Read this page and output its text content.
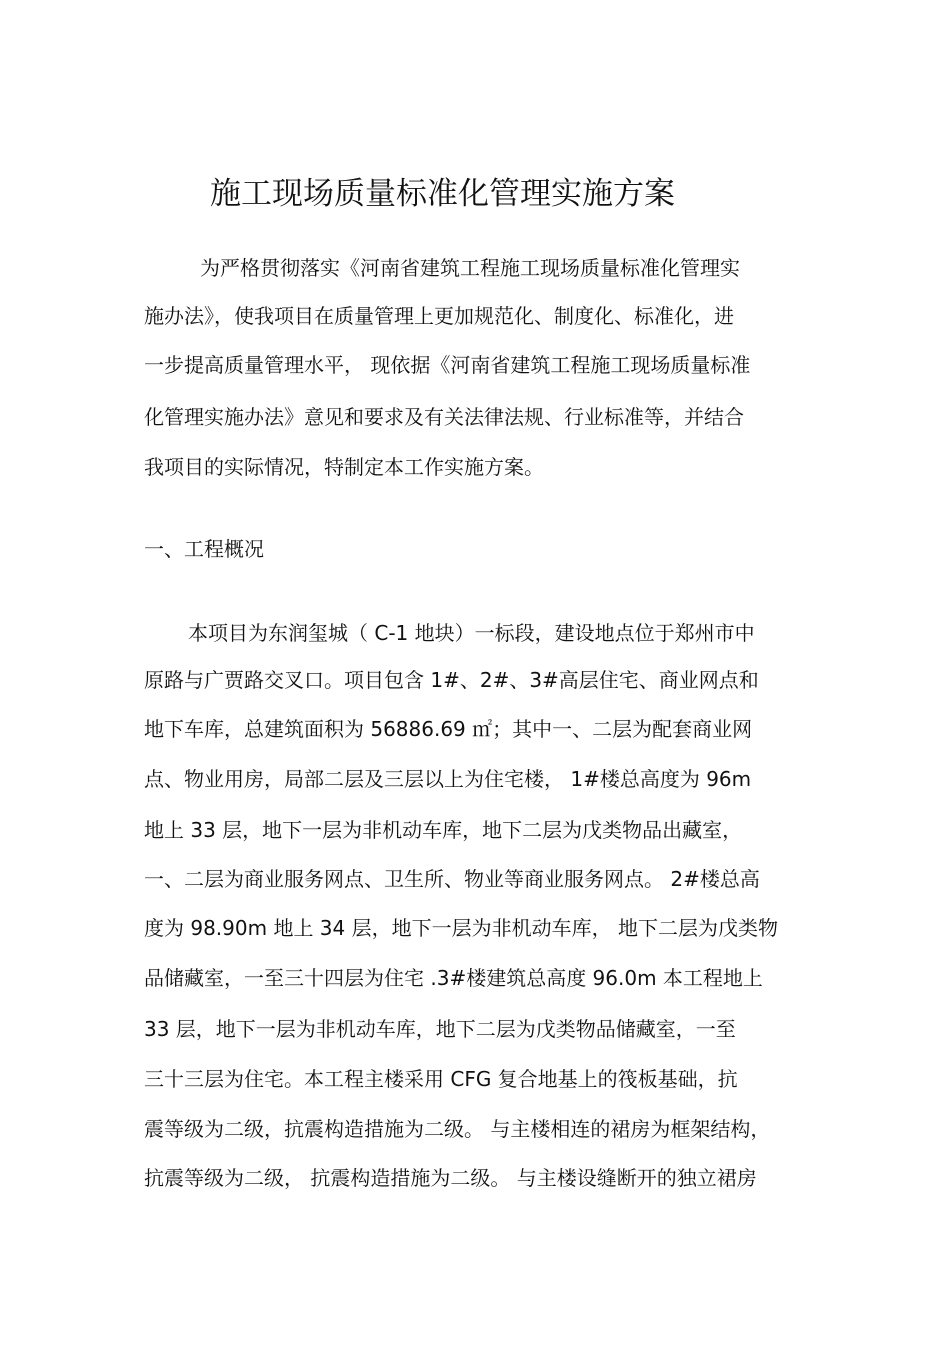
施工现场质量标准化管理实施方案
为严格贯彻落实《河南省建筑工程施工现场质量标准化管理实
施办法》，使我项目在质量管理上更加规范化、制度化、标准化，进
一步提高质量管理水平， 现依据《河南省建筑工程施工现场质量标准
化管理实施办法》意见和要求及有关法律法规、行业标准等，并结合
我项目的实际情况，特制定本工作实施方案。
一、工程概况
本项目为东润玺城（ C-1 地块）一标段，建设地点位于郑州市中
原路与广贾路交叉口。项目包含 1#、2#、3#高层住宅、商业网点和
地下车库，总建筑面积为 56886.69 ㎡；其中一、二层为配套商业网
点、物业用房，局部二层及三层以上为住宅楼， 1#楼总高度为 96m
地上 33 层，地下一层为非机动车库，地下二层为戊类物品出藏室，
一、二层为商业服务网点、卫生所、物业等商业服务网点。 2#楼总高
度为 98.90m 地上 34 层，地下一层为非机动车库， 地下二层为戊类物
品储藏室，一至三十四层为住宅 .3#楼建筑总高度 96.0m 本工程地上
33 层，地下一层为非机动车库，地下二层为戊类物品储藏室，一至
三十三层为住宅。本工程主楼采用 CFG 复合地基上的筏板基础，抗
震等级为二级，抗震构造措施为二级。 与主楼相连的裙房为框架结构，
抗震等级为二级， 抗震构造措施为二级。 与主楼设缝断开的独立裙房
